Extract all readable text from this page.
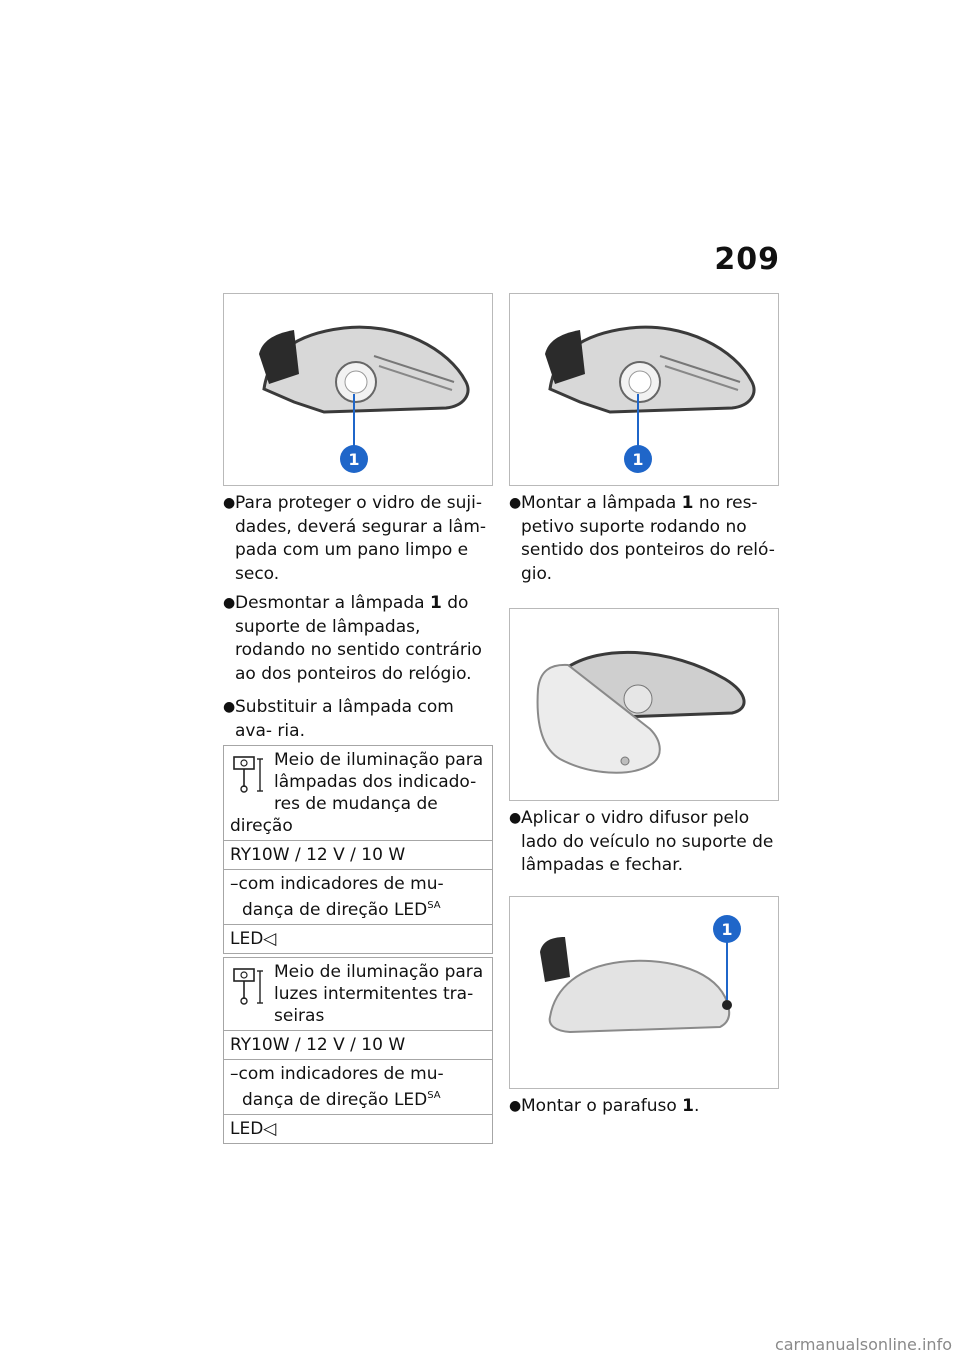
209
1
● Para proteger o vidro de suji- dades, deverá segurar a lâm- pada com um pano limpo e seco.
● Desmontar a lâmpada 1 do suporte de lâmpadas, rodando no sentido contrário ao dos ponteiros do relógio.
● Substituir a lâmpada com ava- ria.
Meio de iluminação para lâmpadas dos indicado- res de mudança de direção
RY10W / 12 V / 10 W

–com indicadores de mu- dança de direção $LED^{SA}$

LED◁
Meio de iluminação para luzes intermitentes tra- seiras
RY10W / 12 V / 10 W

–com indicadores de mu- dança de direção $LED^{SA}$

LED◁
1
● Montar a lâmpada 1 no res- petivo suporte rodando no sentido dos ponteiros do reló- gio.
● Aplicar o vidro difusor pelo lado do veículo no suporte de lâmpadas e fechar.
1
● Montar o parafuso 1.
carmanualsonline.info
